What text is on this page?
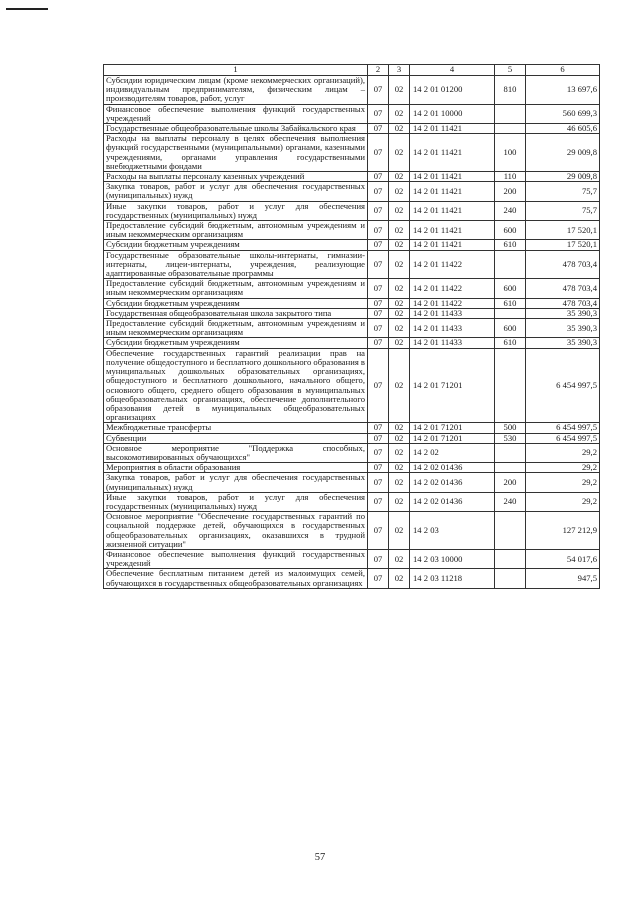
1	2	3	4	5	6
Субсидии юридическим лицам (кроме некоммерческих организаций), индивидуальным предпринимателям, физическим лицам – производителям товаров, работ, услуг	07	02	14 2 01 01200	810	13 697,6
Финансовое обеспечение выполнения функций государственных учреждений	07	02	14 2 01 10000		560 699,3
Государственные общеобразовательные школы Забайкальского края	07	02	14 2 01 11421		46 605,6
Расходы на выплаты персоналу в целях обеспечения выполнения функций государственными (муниципальными) органами, казенными учреждениями, органами управления государственными внебюджетными фондами	07	02	14 2 01 11421	100	29 009,8
Расходы на выплаты персоналу казенных учреждений	07	02	14 2 01 11421	110	29 009,8
Закупка товаров, работ и услуг для обеспечения государственных (муниципальных) нужд	07	02	14 2 01 11421	200	75,7
Иные закупки товаров, работ и услуг для обеспечения государственных (муниципальных) нужд	07	02	14 2 01 11421	240	75,7
Предоставление субсидий бюджетным, автономным учреждениям и иным некоммерческим организациям	07	02	14 2 01 11421	600	17 520,1
Субсидии бюджетным учреждениям	07	02	14 2 01 11421	610	17 520,1
Государственные образовательные школы-интернаты, гимназии-интернаты, лицеи-интернаты, учреждения, реализующие адаптированные образовательные программы	07	02	14 2 01 11422		478 703,4
Предоставление субсидий бюджетным, автономным учреждениям и иным некоммерческим организациям	07	02	14 2 01 11422	600	478 703,4
Субсидии бюджетным учреждениям	07	02	14 2 01 11422	610	478 703,4
Государственная общеобразовательная школа закрытого типа	07	02	14 2 01 11433		35 390,3
Предоставление субсидий бюджетным, автономным учреждениям и иным некоммерческим организациям	07	02	14 2 01 11433	600	35 390,3
Субсидии бюджетным учреждениям	07	02	14 2 01 11433	610	35 390,3
Обеспечение государственных гарантий реализации прав на получение общедоступного и бесплатного дошкольного образования в муниципальных дошкольных образовательных организациях, общедоступного и бесплатного дошкольного, начального общего, основного общего, среднего общего образования в муниципальных общеобразовательных организациях, обеспечение дополнительного образования детей в муниципальных общеобразовательных организациях	07	02	14 2 01 71201		6 454 997,5
Межбюджетные трансферты	07	02	14 2 01 71201	500	6 454 997,5
Субвенции	07	02	14 2 01 71201	530	6 454 997,5
Основное мероприятие "Поддержка способных, высокомотивированных обучающихся"	07	02	14 2 02		29,2
Мероприятия в области образования	07	02	14 2 02 01436		29,2
Закупка товаров, работ и услуг для обеспечения государственных (муниципальных) нужд	07	02	14 2 02 01436	200	29,2
Иные закупки товаров, работ и услуг для обеспечения государственных (муниципальных) нужд	07	02	14 2 02 01436	240	29,2
Основное мероприятие "Обеспечение государственных гарантий по социальной поддержке детей, обучающихся в государственных общеобразовательных организациях, оказавшихся в трудной жизненной ситуации"	07	02	14 2 03		127 212,9
Финансовое обеспечение выполнения функций государственных учреждений	07	02	14 2 03 10000		54 017,6
Обеспечение бесплатным питанием детей из малоимущих семей, обучающихся в государственных общеобразовательных организациях	07	02	14 2 03 11218		947,5
57
